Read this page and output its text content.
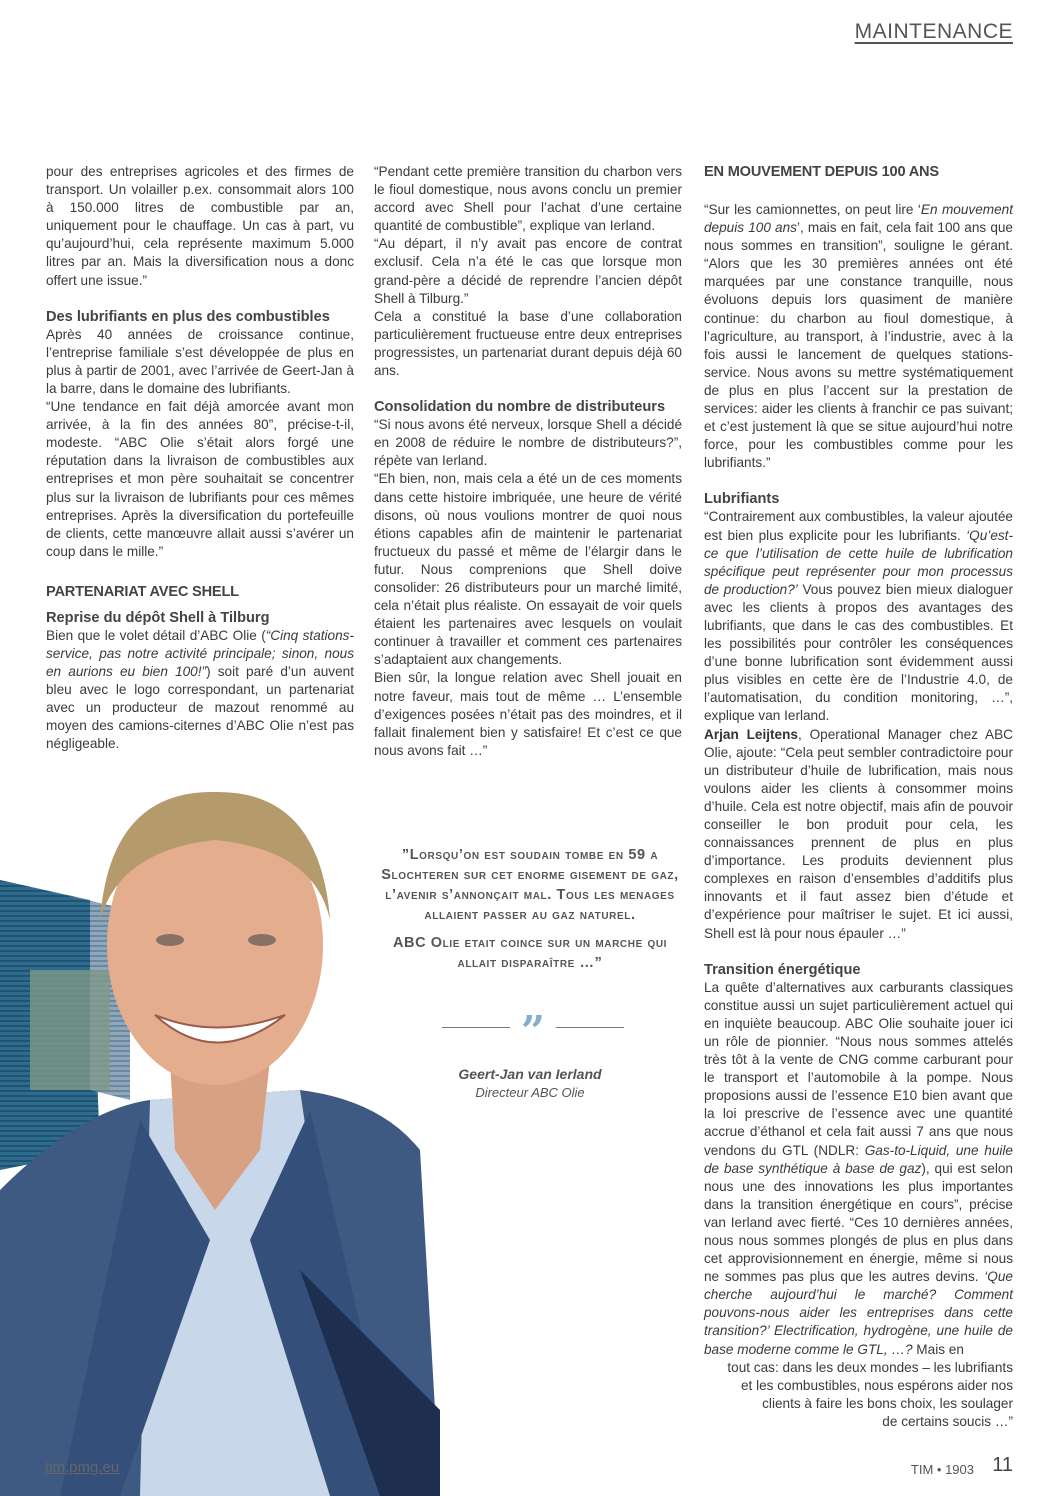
MAINTENANCE

pour des entreprises agricoles et des firmes de transport. Un volailler p.ex. consommait alors 100 à 150.000 litres de combustible par an, uniquement pour le chauffage. Un cas à part, vu qu’aujourd’hui, cela représente maximum 5.000 litres par an. Mais la diversification nous a donc offert une issue.”

Des lubrifiants en plus des combustibles

Après 40 années de croissance continue, l’entreprise familiale s’est développée de plus en plus à partir de 2001, avec l’arrivée de Geert-Jan à la barre, dans le domaine des lubrifiants.

“Une tendance en fait déjà amorcée avant mon arrivée, à la fin des années 80”, précise-t-il, modeste. “ABC Olie s’était alors forgé une réputation dans la livraison de combustibles aux entreprises et mon père souhaitait se concentrer plus sur la livraison de lubrifiants pour ces mêmes entreprises. Après la diversification du portefeuille de clients, cette manœuvre allait aussi s’avérer un coup dans le mille.”

PARTENARIAT AVEC SHELL
Reprise du dépôt Shell à Tilburg

Bien que le volet détail d’ABC Olie (“Cinq stations-service, pas notre activité principale; sinon, nous en aurions eu bien 100!”) soit paré d’un auvent bleu avec le logo correspondant, un partenariat avec un producteur de mazout renommé au moyen des camions-citernes d’ABC Olie n’est pas négligeable.

“Pendant cette première transition du charbon vers le fioul domestique, nous avons conclu un premier accord avec Shell pour l’achat d’une certaine quantité de combustible”, explique van Ierland.

“Au départ, il n’y avait pas encore de contrat exclusif. Cela n’a été le cas que lorsque mon grand-père a décidé de reprendre l’ancien dépôt Shell à Tilburg.”

Cela a constitué la base d’une collaboration particulièrement fructueuse entre deux entreprises progressistes, un partenariat durant depuis déjà 60 ans.

Consolidation du nombre de distributeurs

“Si nous avons été nerveux, lorsque Shell a décidé en 2008 de réduire le nombre de distributeurs?”, répète van Ierland.

“Eh bien, non, mais cela a été un de ces moments dans cette histoire imbriquée, une heure de vérité disons, où nous voulions montrer de quoi nous étions capables afin de maintenir le partenariat fructueux du passé et même de l’élargir dans le futur. Nous comprenions que Shell doive consolider: 26 distributeurs pour un marché limité, cela n’était plus réaliste. On essayait de voir quels étaient les partenaires avec lesquels on voulait continuer à travailler et comment ces partenaires s’adaptaient aux changements.

Bien sûr, la longue relation avec Shell jouait en notre faveur, mais tout de même … L’ensemble d’exigences posées n’était pas des moindres, et il fallait finalement bien y satisfaire! Et c’est ce que nous avons fait …”

”Lorsqu’on est soudain tombe en 59 a Slochteren sur cet enorme gisement de gaz, l’avenir s’annonçait mal. Tous les menages allaient passer au gaz naturel.

ABC Olie etait coince sur un marche qui allait disparaître …”

”
Geert-Jan van Ierland
Directeur ABC Olie
EN MOUVEMENT DEPUIS 100 ANS

“Sur les camionnettes, on peut lire ‘En mouvement depuis 100 ans’, mais en fait, cela fait 100 ans que nous sommes en transition”, souligne le gérant. “Alors que les 30 premières années ont été marquées par une constance tranquille, nous évoluons depuis lors quasiment de manière continue: du charbon au fioul domestique, à l’agriculture, au transport, à l’industrie, avec à la fois aussi le lancement de quelques stations-service. Nous avons su mettre systématiquement de plus en plus l’accent sur la prestation de services: aider les clients à franchir ce pas suivant; et c’est justement là que se situe aujourd’hui notre force, pour les combustibles comme pour les lubrifiants.”

Lubrifiants

“Contrairement aux combustibles, la valeur ajoutée est bien plus explicite pour les lubrifiants. ‘Qu’est-ce que l’utilisation de cette huile de lubrification spécifique peut représenter pour mon processus de production?’ Vous pouvez bien mieux dialoguer avec les clients à propos des avantages des lubrifiants, que dans le cas des combustibles. Et les possibilités pour contrôler les conséquences d’une bonne lubrification sont évidemment aussi plus visibles en cette ère de l’Industrie 4.0, de l’automatisation, du condition monitoring, …”, explique van Ierland.

Arjan Leijtens, Operational Manager chez ABC Olie, ajoute: “Cela peut sembler contradictoire pour un distributeur d’huile de lubrification, mais nous voulons aider les clients à consommer moins d’huile. Cela est notre objectif, mais afin de pouvoir conseiller le bon produit pour cela, les connaissances prennent de plus en plus d’importance. Les produits deviennent plus complexes en raison d’ensembles d’additifs plus innovants et il faut assez bien d’étude et d’expérience pour maîtriser le sujet. Et ici aussi, Shell est là pour nous épauler …”

Transition énergétique

La quête d’alternatives aux carburants classiques constitue aussi un sujet particulièrement actuel qui en inquiète beaucoup. ABC Olie souhaite jouer ici un rôle de pionnier. “Nous nous sommes attelés très tôt à la vente de CNG comme carburant pour le transport et l’automobile à la pompe. Nous proposions aussi de l’essence E10 bien avant que la loi prescrive de l’essence avec une quantité accrue d’éthanol et cela fait aussi 7 ans que nous vendons du GTL (NDLR: Gas-to-Liquid, une huile de base synthétique à base de gaz), qui est selon nous une des innovations les plus importantes dans la transition énergétique en cours”, précise van Ierland avec fierté. “Ces 10 dernières années, nous nous sommes plongés de plus en plus dans cet approvisionnement en énergie, même si nous ne sommes pas plus que les autres devins. ‘Que cherche aujourd’hui le marché? Comment pouvons-nous aider les entreprises dans cette transition?’ Electrification, hydrogène, une huile de base moderne comme le GTL, …? Mais en

tout cas: dans les deux mondes – les lubrifiants

et les combustibles, nous espérons aider nos

clients à faire les bons choix, les soulager

de certains soucis …”

tim.pmg.eu	TIM • 1903 11
